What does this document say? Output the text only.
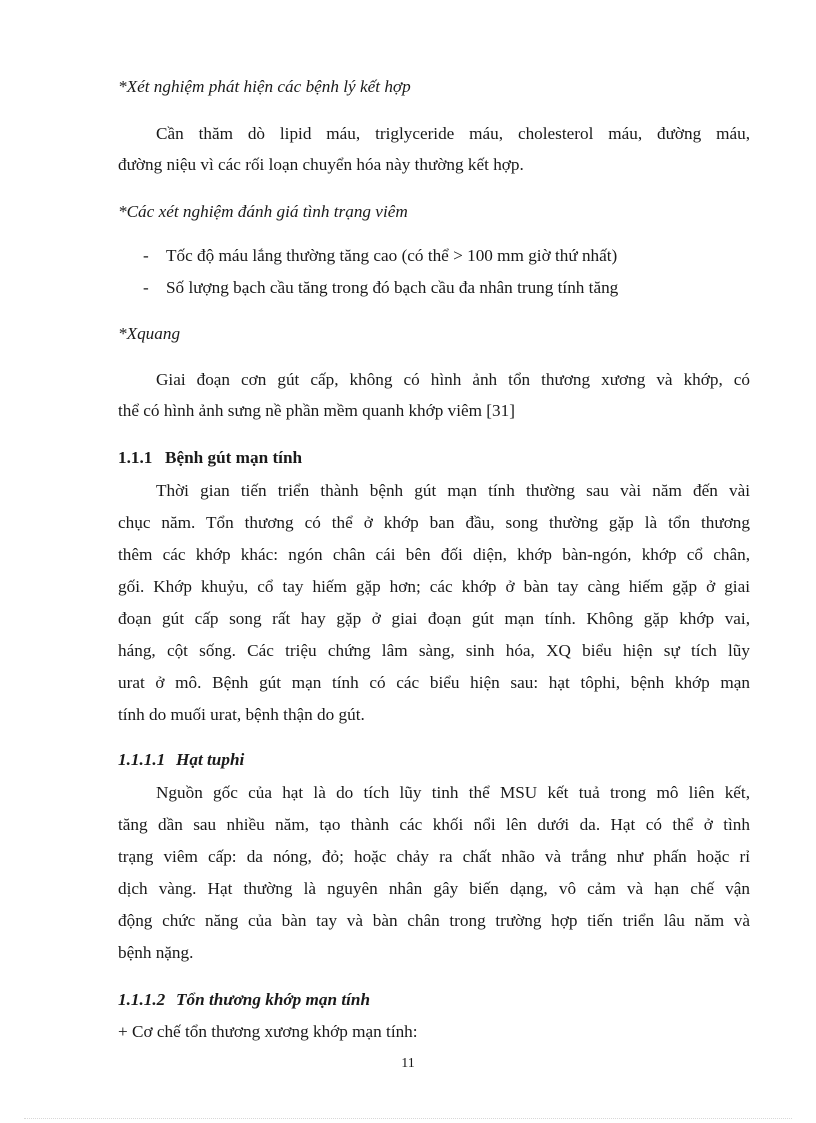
*Xét nghiệm phát hiện các bệnh lý kết hợp
Cần thăm dò lipid máu, triglyceride máu, cholesterol máu, đường máu,
đường niệu vì các rối loạn chuyển hóa này thường kết hợp.
*Các xét nghiệm đánh giá tình trạng viêm
- Tốc độ máu lắng thường tăng cao (có thể > 100 mm giờ thứ nhất)
- Số lượng bạch cầu tăng trong đó bạch cầu đa nhân trung tính tăng
*Xquang
Giai đoạn cơn gút cấp, không có hình ảnh tổn thương xương và khớp, có
thể có hình ảnh sưng nề phần mềm quanh khớp viêm [31]
1.1.1 Bệnh gút mạn tính
Thời gian tiến triển thành bệnh gút mạn tính thường sau vài năm đến vài
chục năm. Tổn thương có thể ở khớp ban đầu, song thường gặp là tổn thương
thêm các khớp khác: ngón chân cái bên đối diện, khớp bàn-ngón, khớp cổ chân,
gối. Khớp khuỷu, cổ tay hiếm gặp hơn; các khớp ở bàn tay càng hiếm gặp ở giai
đoạn gút cấp song rất hay gặp ở giai đoạn gút mạn tính. Không gặp khớp vai,
háng, cột sống. Các triệu chứng lâm sàng, sinh hóa, XQ biểu hiện sự tích lũy
urat ở mô. Bệnh gút mạn tính có các biểu hiện sau: hạt tôphi, bệnh khớp mạn
tính do muối urat, bệnh thận do gút.
1.1.1.1 Hạt tuphi
Nguồn gốc của hạt là do tích lũy tinh thể MSU kết tuả trong mô liên kết,
tăng dần sau nhiều năm, tạo thành các khối nổi lên dưới da. Hạt có thể ở tình
trạng viêm cấp: da nóng, đỏ; hoặc chảy ra chất nhão và trắng như phấn hoặc rỉ
dịch vàng. Hạt thường là nguyên nhân gây biến dạng, vô cảm và hạn chế vận
động chức năng của bàn tay và bàn chân trong trường hợp tiến triển lâu năm và
bệnh nặng.
1.1.1.2 Tổn thương khớp mạn tính
+ Cơ chế tổn thương xương khớp mạn tính:
11
